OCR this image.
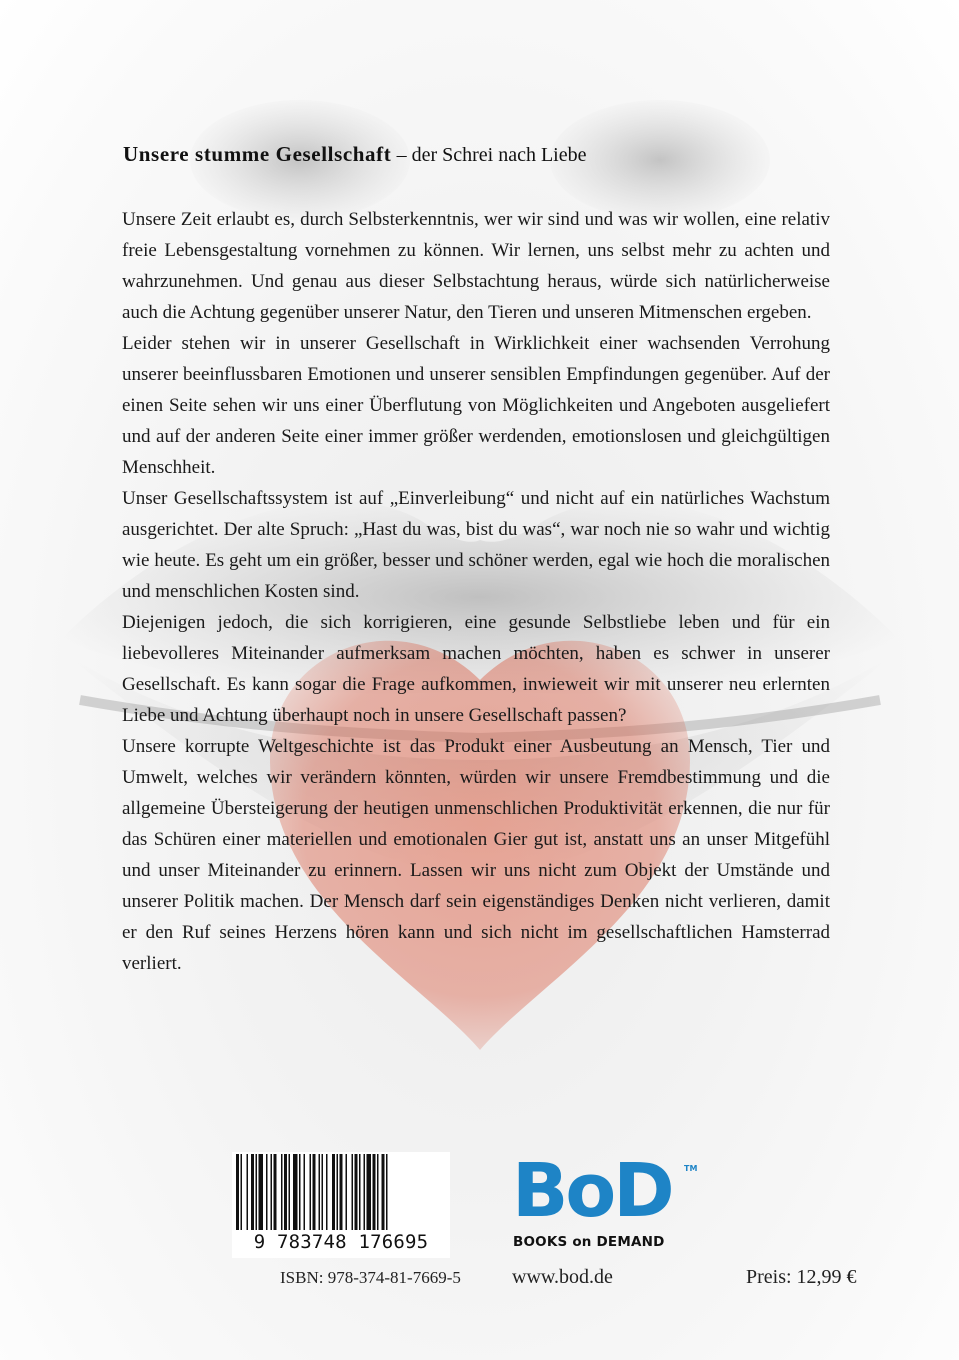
Unsere stumme Gesellschaft – der Schrei nach Liebe

Unsere Zeit erlaubt es, durch Selbsterkenntnis, wer wir sind und was wir wollen, eine relativ freie Lebensgestaltung vornehmen zu können. Wir lernen, uns selbst mehr zu achten und wahrzunehmen. Und genau aus dieser Selbstachtung heraus, würde sich natürlicherweise auch die Achtung gegenüber unserer Natur, den Tieren und unseren Mitmenschen ergeben.

Leider stehen wir in unserer Gesellschaft in Wirklichkeit einer wachsenden Verrohung unserer beeinflussbaren Emotionen und unserer sensiblen Empfindungen gegenüber. Auf der einen Seite sehen wir uns einer Überflutung von Möglichkeiten und Angeboten ausgeliefert und auf der anderen Seite einer immer größer werdenden, emotionslosen und gleichgültigen Menschheit.

Unser Gesellschaftssystem ist auf „Einverleibung“ und nicht auf ein natürliches Wachstum ausgerichtet. Der alte Spruch: „Hast du was, bist du was“, war noch nie so wahr und wichtig wie heute. Es geht um ein größer, besser und schöner werden, egal wie hoch die moralischen und menschlichen Kosten sind.

Diejenigen jedoch, die sich korrigieren, eine gesunde Selbstliebe leben und für ein liebevolleres Miteinander aufmerksam machen möchten, haben es schwer in unserer Gesellschaft. Es kann sogar die Frage aufkommen, inwieweit wir mit unserer neu erlernten Liebe und Achtung überhaupt noch in unsere Gesellschaft passen?

Unsere korrupte Weltgeschichte ist das Produkt einer Ausbeutung an Mensch, Tier und Umwelt, welches wir verändern könnten, würden wir unsere Fremdbestimmung und die allgemeine Übersteigerung der heutigen unmenschlichen Produktivität erkennen, die nur für das Schüren einer materiellen und emotionalen Gier gut ist, anstatt uns an unser Mitgefühl und unser Miteinander zu erinnern. Lassen wir uns nicht zum Objekt der Umstände und unserer Politik machen. Der Mensch darf sein eigenständiges Denken nicht verlieren, damit er den Ruf seines Herzens hören kann und sich nicht im gesellschaftlichen Hamsterrad verliert.

9 783748 176695
ISBN: 978-374-81-7669-5
BoD TM
BOOKS on DEMAND
www.bod.de	Preis: 12,99 €
